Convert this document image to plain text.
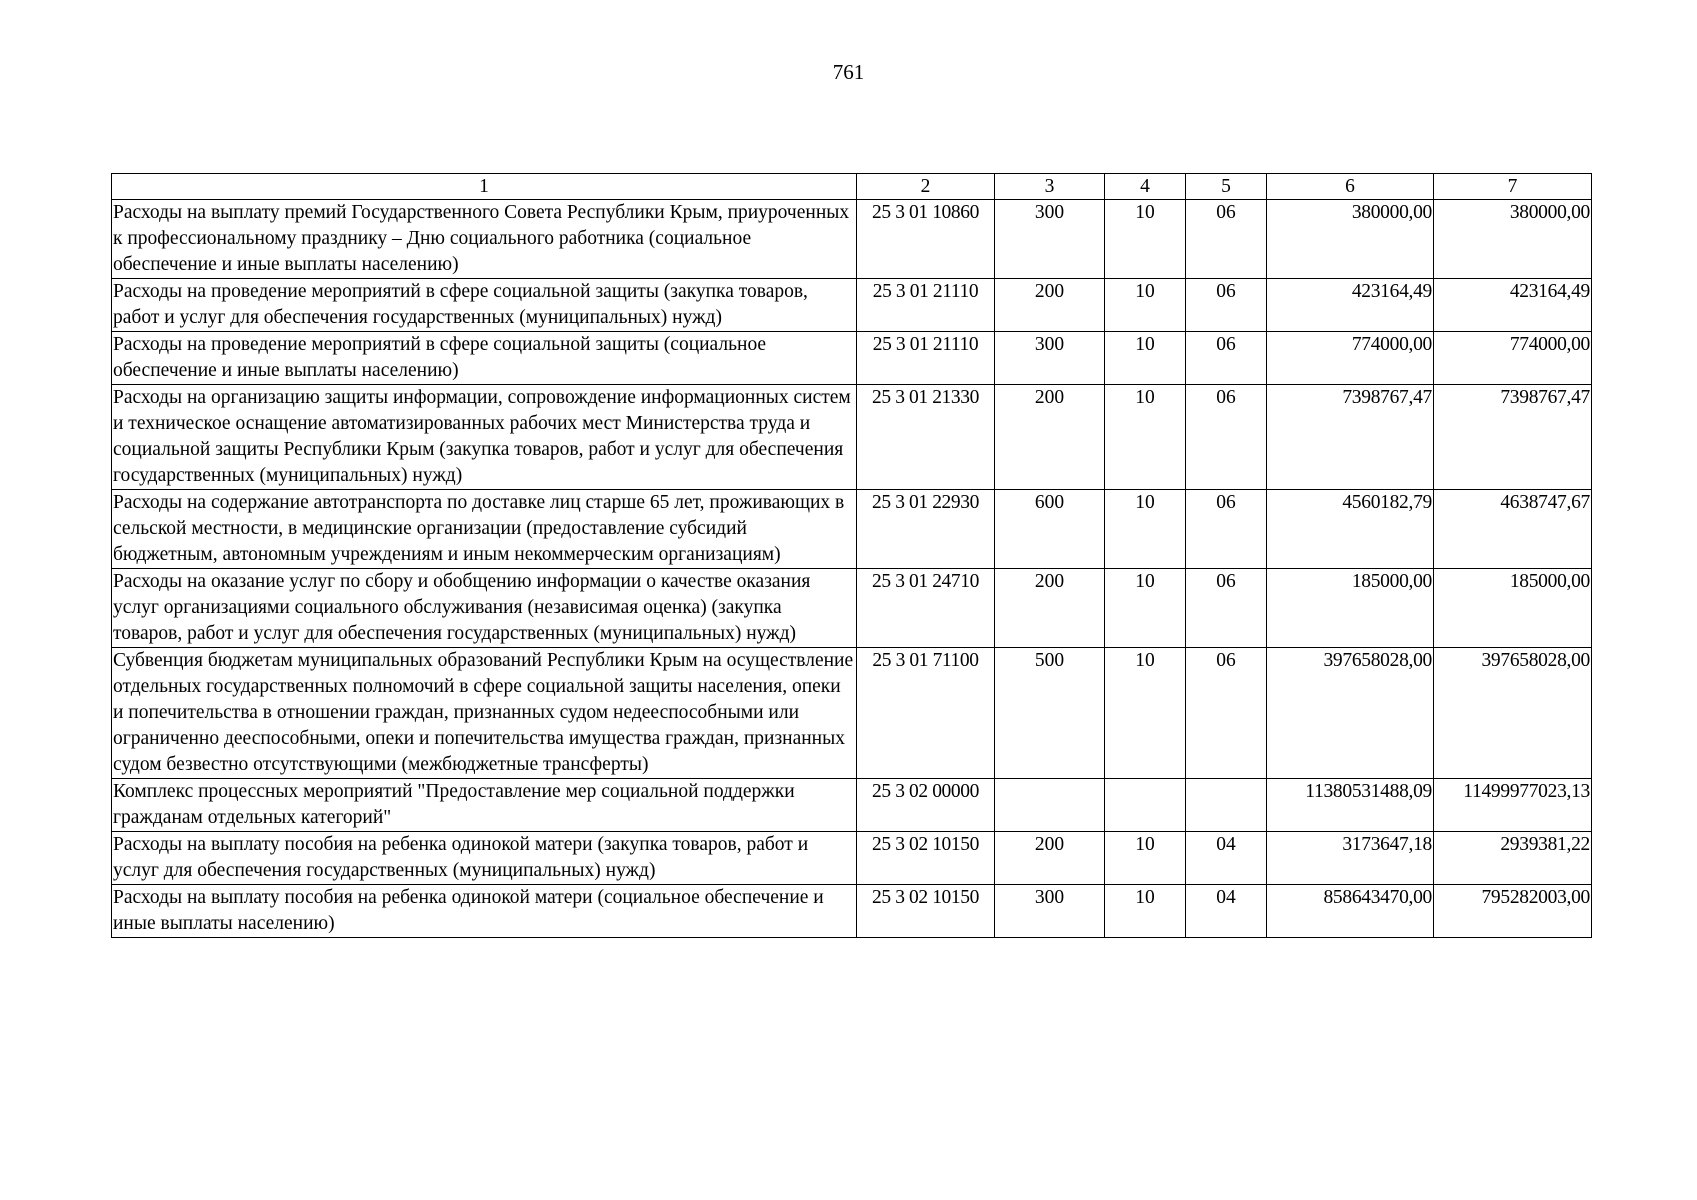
761
1	2	3	4	5	6	7
Расходы на выплату премий Государственного Совета Республики Крым, приуроченных к профессиональному празднику – Дню социального работника (социальное обеспечение и иные выплаты населению)	25 3 01 10860	300	10	06	380000,00	380000,00
Расходы на проведение мероприятий в сфере социальной защиты (закупка товаров, работ и услуг для обеспечения государственных (муниципальных) нужд)	25 3 01 21110	200	10	06	423164,49	423164,49
Расходы на проведение мероприятий в сфере социальной защиты (социальное обеспечение и иные выплаты населению)	25 3 01 21110	300	10	06	774000,00	774000,00
Расходы на организацию защиты информации, сопровождение информационных систем и техническое оснащение автоматизированных рабочих мест Министерства труда и социальной защиты Республики Крым (закупка товаров, работ и услуг для обеспечения государственных (муниципальных) нужд)	25 3 01 21330	200	10	06	7398767,47	7398767,47
Расходы на содержание автотранспорта по доставке лиц старше 65 лет, проживающих в сельской местности, в медицинские организации (предоставление субсидий бюджетным, автономным учреждениям и иным некоммерческим организациям)	25 3 01 22930	600	10	06	4560182,79	4638747,67
Расходы на оказание услуг по сбору и обобщению информации о качестве оказания услуг организациями социального обслуживания (независимая оценка) (закупка товаров, работ и услуг для обеспечения государственных (муниципальных) нужд)	25 3 01 24710	200	10	06	185000,00	185000,00
Субвенция бюджетам муниципальных образований Республики Крым на осуществление отдельных государственных полномочий в сфере социальной защиты населения, опеки и попечительства в отношении граждан, признанных судом недееспособными или ограниченно дееспособными, опеки и попечительства имущества граждан, признанных судом безвестно отсутствующими (межбюджетные трансферты)	25 3 01 71100	500	10	06	397658028,00	397658028,00
Комплекс процессных мероприятий "Предоставление мер социальной поддержки гражданам отдельных категорий"	25 3 02 00000				11380531488,09	11499977023,13
Расходы на выплату пособия на ребенка одинокой матери (закупка товаров, работ и услуг для обеспечения государственных (муниципальных) нужд)	25 3 02 10150	200	10	04	3173647,18	2939381,22
Расходы на выплату пособия на ребенка одинокой матери (социальное обеспечение и иные выплаты населению)	25 3 02 10150	300	10	04	858643470,00	795282003,00
